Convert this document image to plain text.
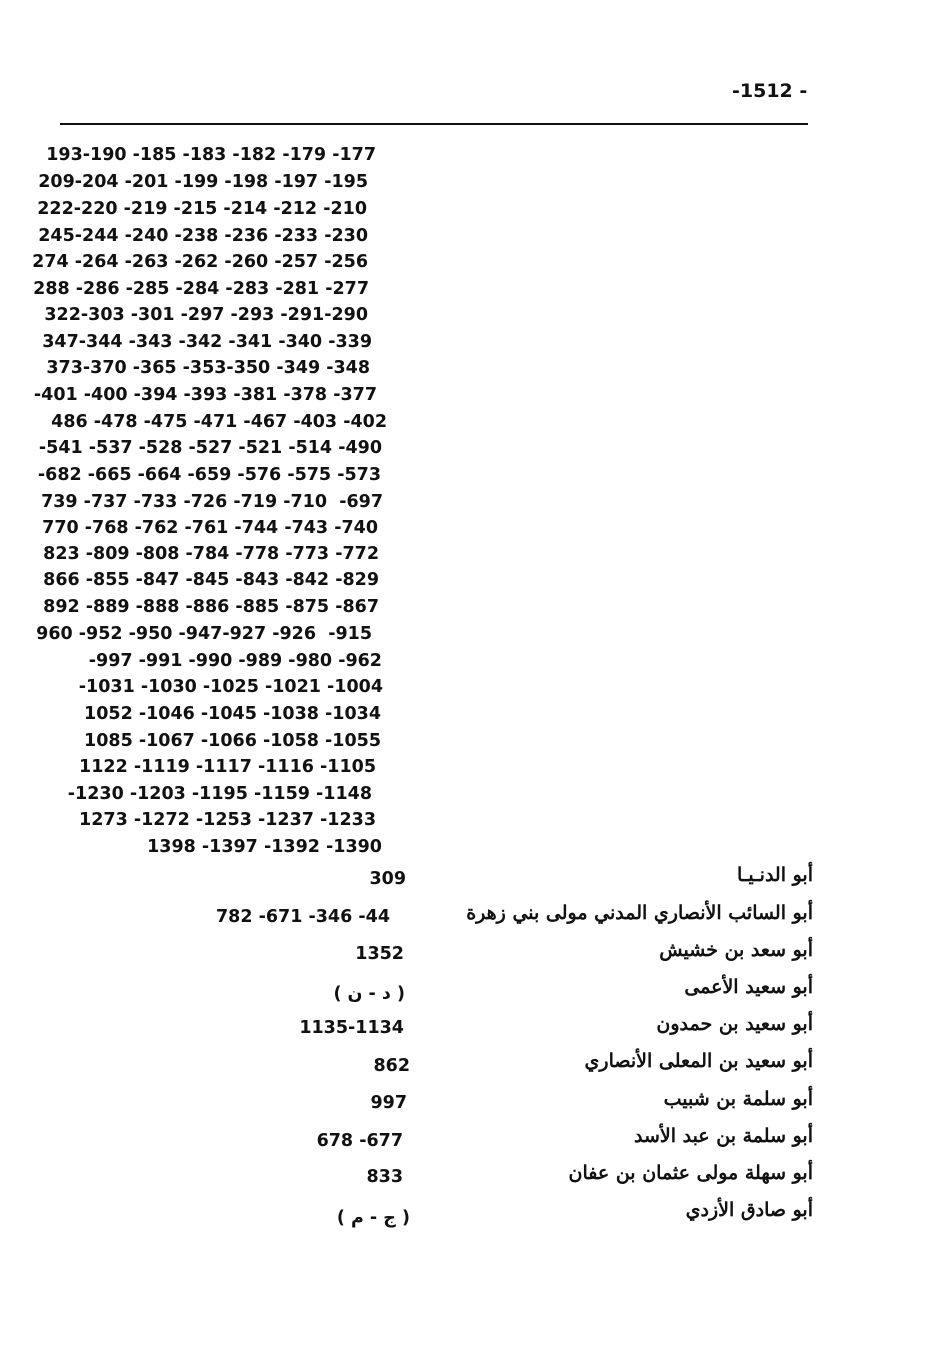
-1512 -
193-190 -185 -183 -182 -179 -177
209-204 -201 -199 -198 -197 -195
222-220 -219 -215 -214 -212 -210
245-244 -240 -238 -236 -233 -230
274 -264 -263 -262 -260 -257 -256
288 -286 -285 -284 -283 -281 -277
322-303 -301 -297 -293 -291-290
347-344 -343 -342 -341 -340 -339
373-370 -365 -353-350 -349 -348
-401 -400 -394 -393 -381 -378 -377
486 -478 -475 -471 -467 -403 -402
-541 -537 -528 -527 -521 -514 -490
-682 -665 -664 -659 -576 -575 -573
739 -737 -733 -726 -719 -710  -697
770 -768 -762 -761 -744 -743 -740
823 -809 -808 -784 -778 -773 -772
866 -855 -847 -845 -843 -842 -829
892 -889 -888 -886 -885 -875 -867
960 -952 -950 -947-927 -926  -915
-997 -991 -990 -989 -980 -962
-1031 -1030 -1025 -1021 -1004
1052 -1046 -1045 -1038 -1034
1085 -1067 -1066 -1058 -1055
1122 -1119 -1117 -1116 -1105
-1230 -1203 -1195 -1159 -1148
1273 -1272 -1253 -1237 -1233
1398 -1397 -1392 -1390
أبو الدنـيـا
309
أبو السائب الأنصاري المدني مولى بني زهرة
782 -671 -346 -44
أبو سعد بن خشيش
1352
أبو سعيد الأعمى
( د - ن )
أبو سعيد بن حمدون
1135-1134
أبو سعيد بن المعلى الأنصاري
862
أبو سلمة بن شبيب
997
أبو سلمة بن عبد الأسد
678 -677
أبو سهلة مولى عثمان بن عفان
833
أبو صادق الأزدي
( ج - م )
